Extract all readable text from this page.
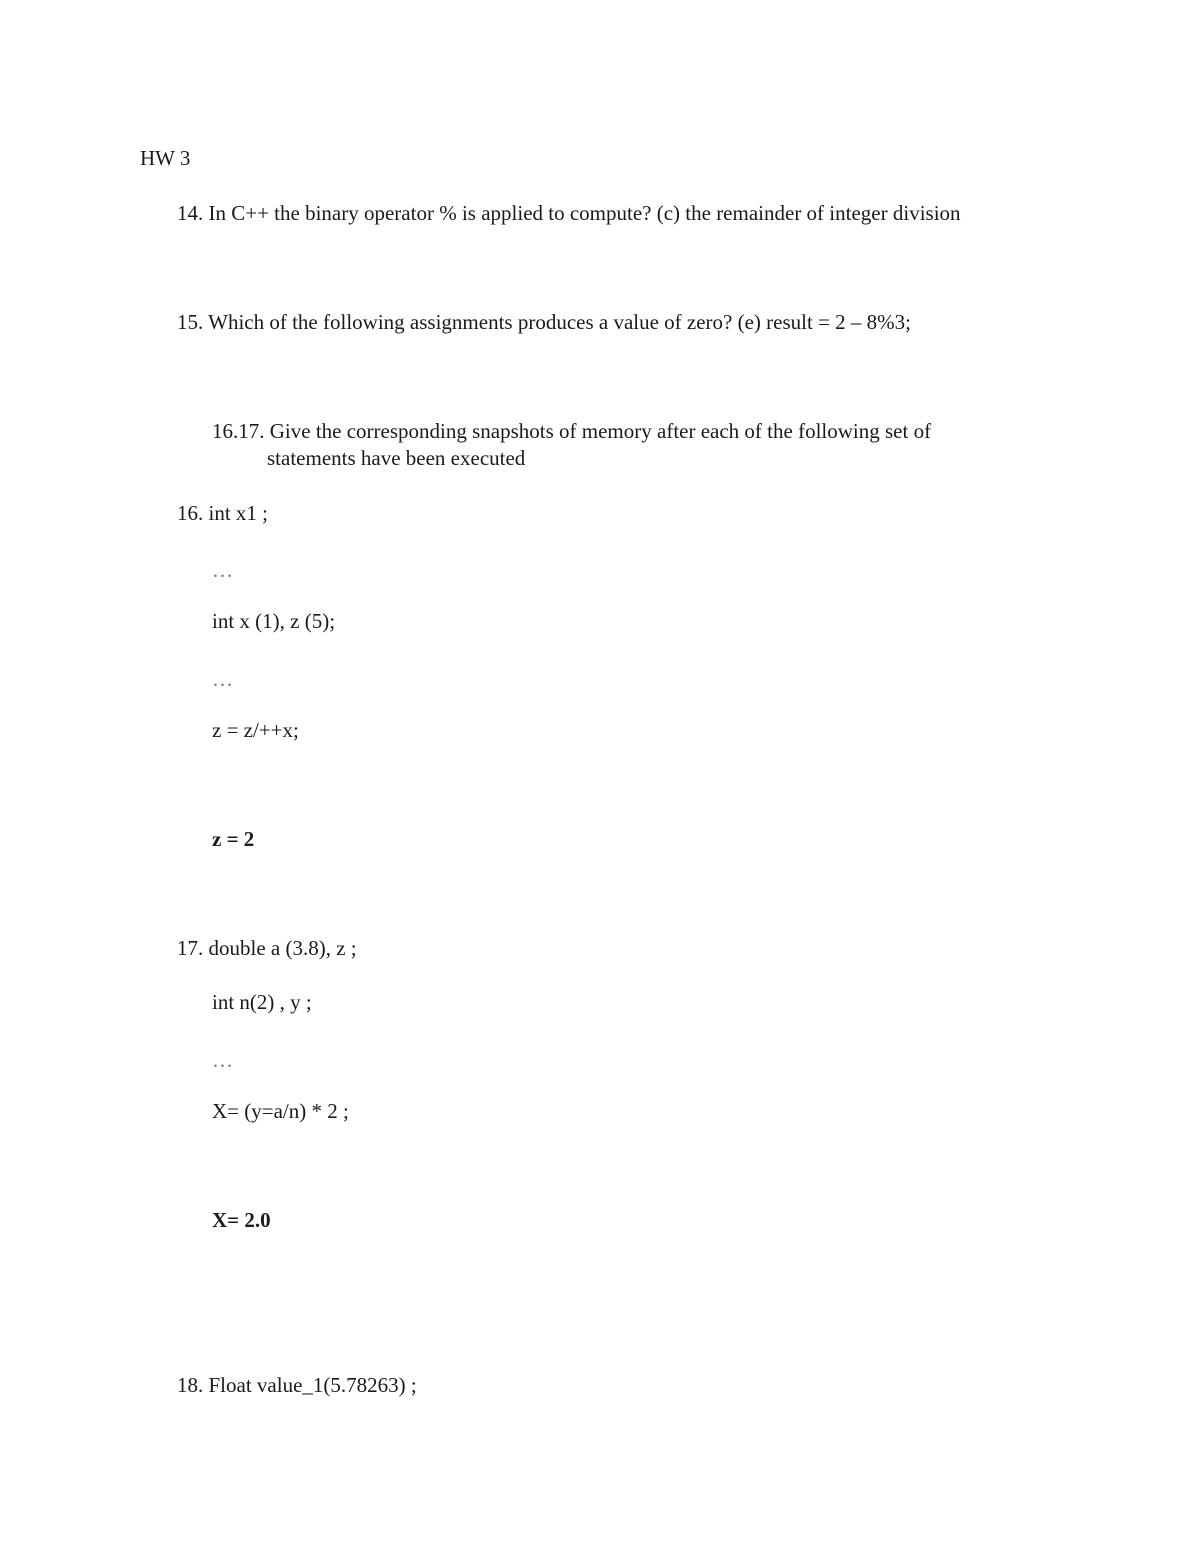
HW 3
14. In C++ the binary operator % is applied to compute? (c) the remainder of integer division
15. Which of the following assignments produces a value of zero? (e) result = 2 – 8%3;
16.17. Give the corresponding snapshots of memory after each of the following set of
statements have been executed
16. int x1 ;
…
int x (1), z (5);
…
z = z/++x;
z = 2
17. double a (3.8), z ;
int n(2) , y ;
…
X= (y=a/n) * 2 ;
X= 2.0
18. Float value_1(5.78263) ;
